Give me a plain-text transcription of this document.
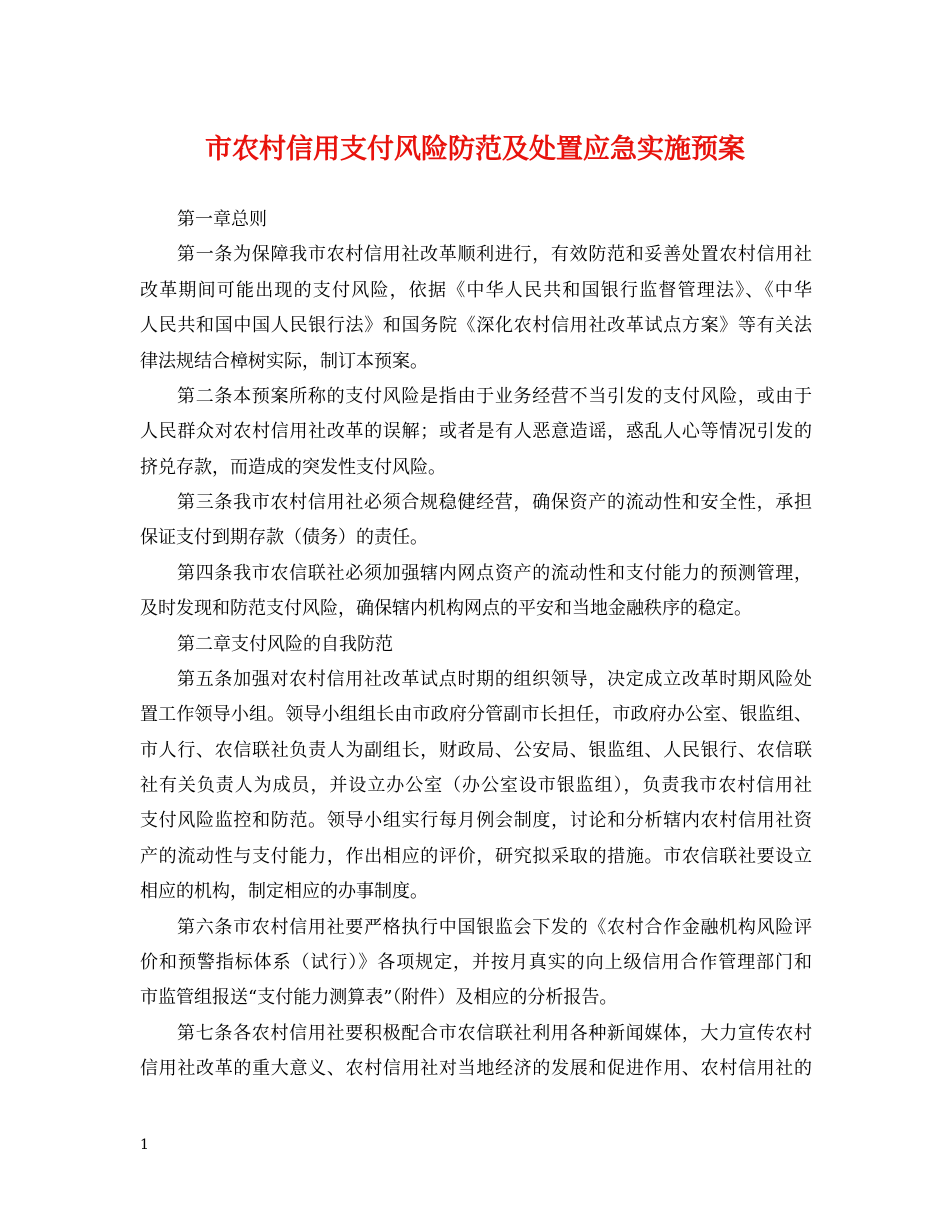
市农村信用支付风险防范及处置应急实施预案
第一章总则
第一条为保障我市农村信用社改革顺利进行，有效防范和妥善处置农村信用社
改革期间可能出现的支付风险，依据《中华人民共和国银行监督管理法》、《中华
人民共和国中国人民银行法》和国务院《深化农村信用社改革试点方案》等有关法
律法规结合樟树实际，制订本预案。
第二条本预案所称的支付风险是指由于业务经营不当引发的支付风险，或由于
人民群众对农村信用社改革的误解；或者是有人恶意造谣，惑乱人心等情况引发的
挤兑存款，而造成的突发性支付风险。
第三条我市农村信用社必须合规稳健经营，确保资产的流动性和安全性，承担
保证支付到期存款（债务）的责任。
第四条我市农信联社必须加强辖内网点资产的流动性和支付能力的预测管理，
及时发现和防范支付风险，确保辖内机构网点的平安和当地金融秩序的稳定。
第二章支付风险的自我防范
第五条加强对农村信用社改革试点时期的组织领导，决定成立改革时期风险处
置工作领导小组。领导小组组长由市政府分管副市长担任，市政府办公室、银监组、
市人行、农信联社负责人为副组长，财政局、公安局、银监组、人民银行、农信联
社有关负责人为成员，并设立办公室（办公室设市银监组），负责我市农村信用社
支付风险监控和防范。领导小组实行每月例会制度，讨论和分析辖内农村信用社资
产的流动性与支付能力，作出相应的评价，研究拟采取的措施。市农信联社要设立
相应的机构，制定相应的办事制度。
第六条市农村信用社要严格执行中国银监会下发的《农村合作金融机构风险评
价和预警指标体系（试行）》各项规定，并按月真实的向上级信用合作管理部门和
市监管组报送“支付能力测算表”（附件）及相应的分析报告。
第七条各农村信用社要积极配合市农信联社利用各种新闻媒体，大力宣传农村
信用社改革的重大意义、农村信用社对当地经济的发展和促进作用、农村信用社的
1
